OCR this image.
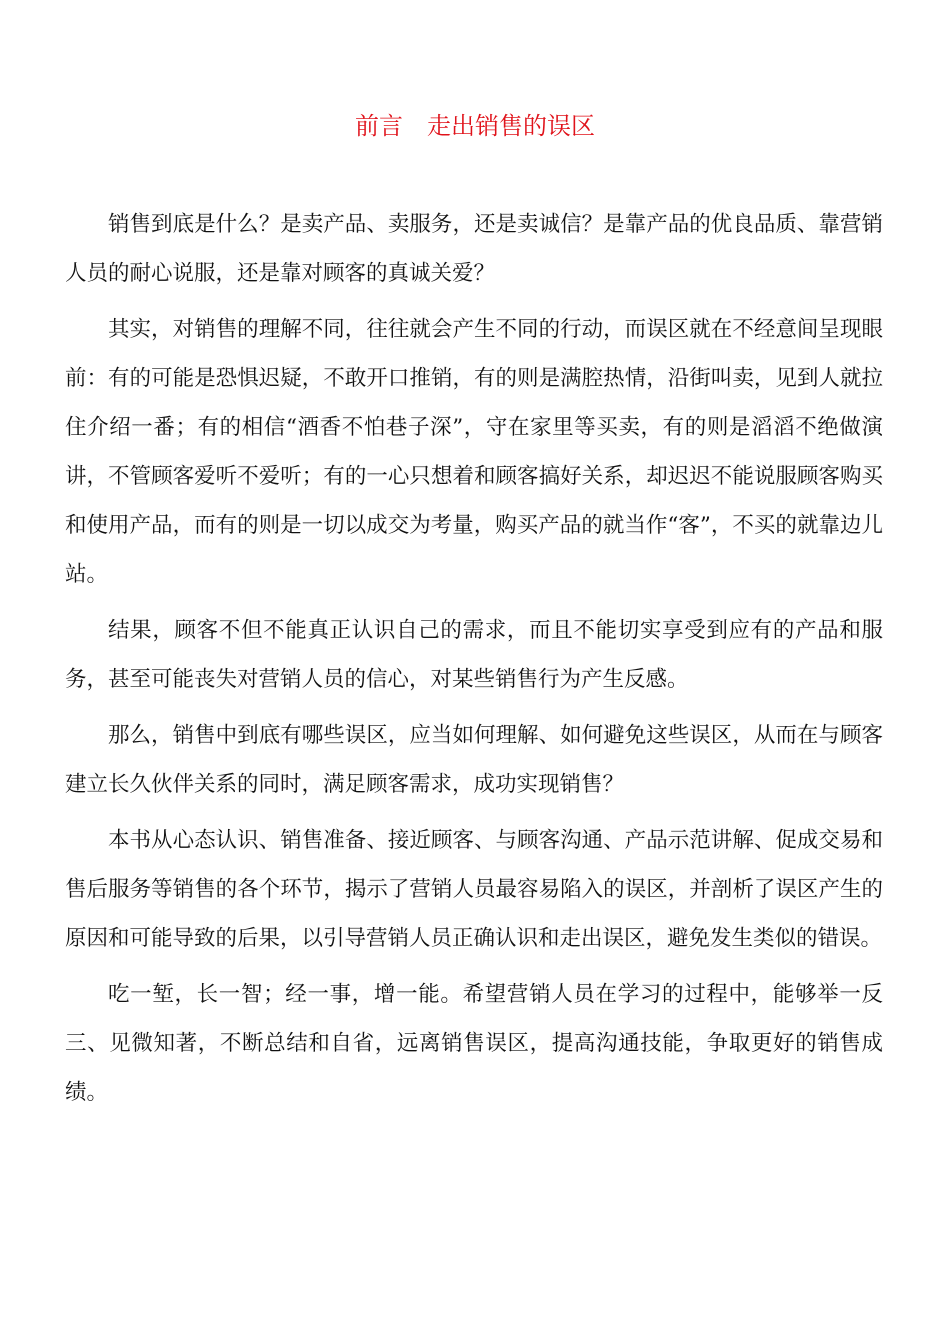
前言　走出销售的误区

销售到底是什么？是卖产品、卖服务，还是卖诚信？是靠产品的优良品质、靠营销人员的耐心说服，还是靠对顾客的真诚关爱？

其实，对销售的理解不同，往往就会产生不同的行动，而误区就在不经意间呈现眼前：有的可能是恐惧迟疑，不敢开口推销，有的则是满腔热情，沿街叫卖，见到人就拉住介绍一番；有的相信“酒香不怕巷子深”，守在家里等买卖，有的则是滔滔不绝做演讲，不管顾客爱听不爱听；有的一心只想着和顾客搞好关系，却迟迟不能说服顾客购买和使用产品，而有的则是一切以成交为考量，购买产品的就当作“客”，不买的就靠边儿站。

结果，顾客不但不能真正认识自己的需求，而且不能切实享受到应有的产品和服务，甚至可能丧失对营销人员的信心，对某些销售行为产生反感。

那么，销售中到底有哪些误区，应当如何理解、如何避免这些误区，从而在与顾客建立长久伙伴关系的同时，满足顾客需求，成功实现销售？

本书从心态认识、销售准备、接近顾客、与顾客沟通、产品示范讲解、促成交易和售后服务等销售的各个环节，揭示了营销人员最容易陷入的误区，并剖析了误区产生的原因和可能导致的后果，以引导营销人员正确认识和走出误区，避免发生类似的错误。

吃一堑，长一智；经一事，增一能。希望营销人员在学习的过程中，能够举一反三、见微知著，不断总结和自省，远离销售误区，提高沟通技能，争取更好的销售成绩。
